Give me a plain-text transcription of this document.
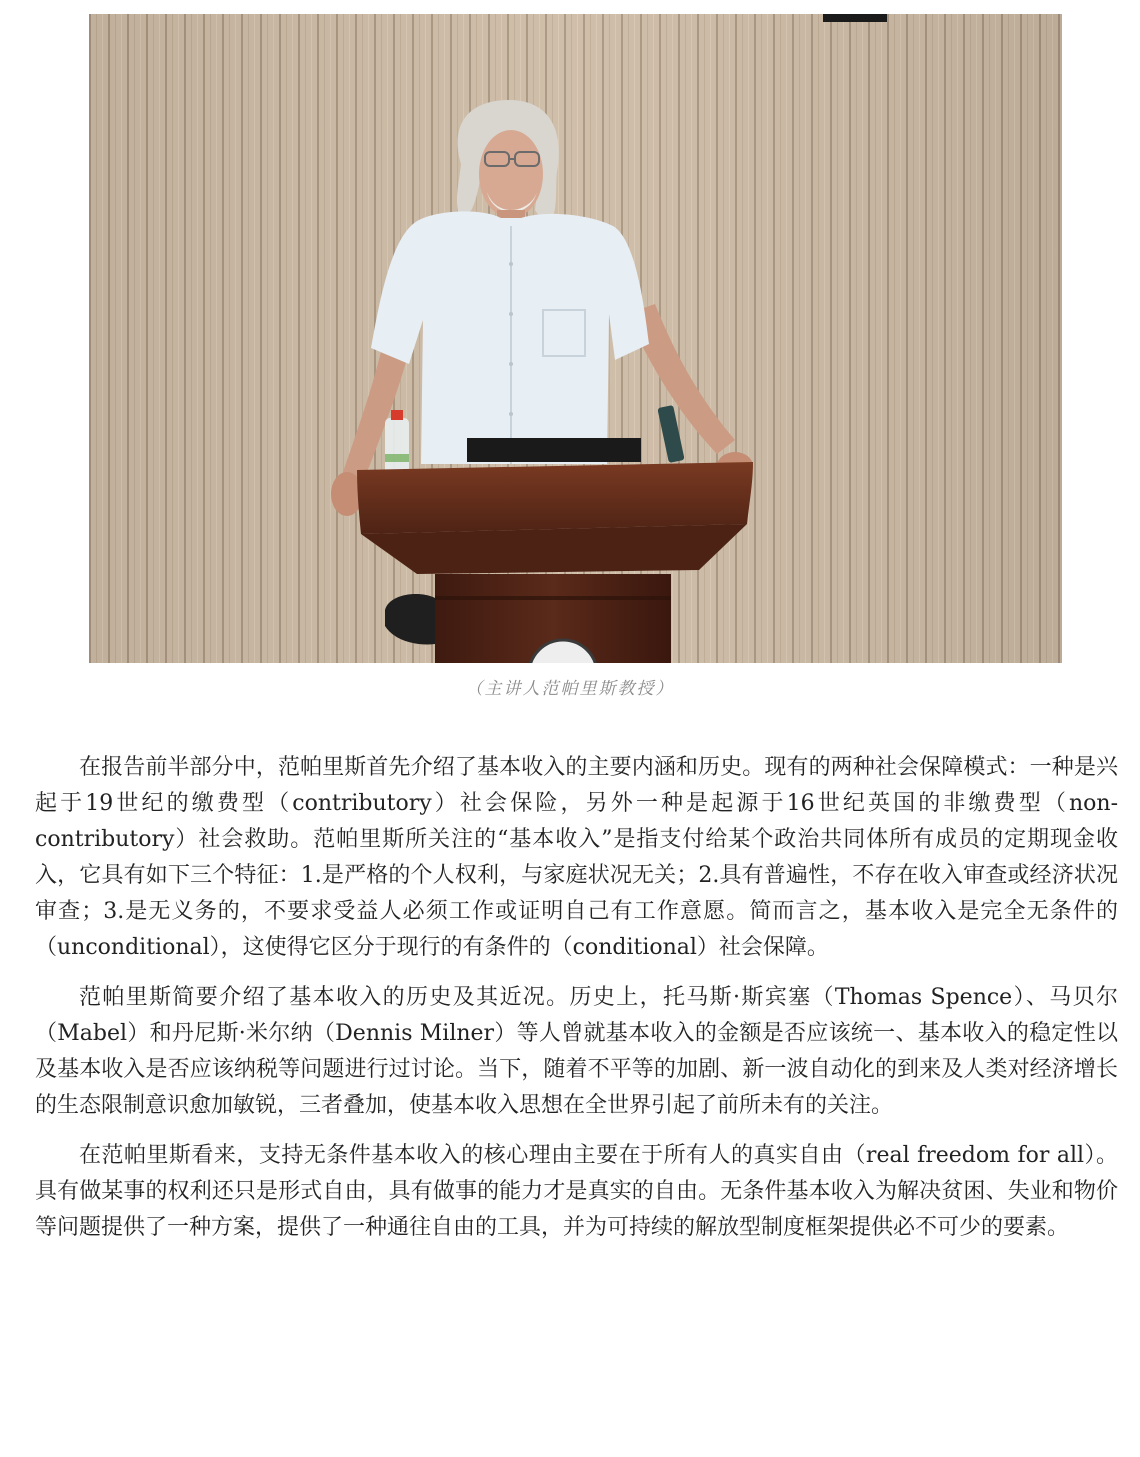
（主讲人范帕里斯教授）

在报告前半部分中，范帕里斯首先介绍了基本收入的主要内涵和历史。现有的两种社会保障模式：一种是兴起于19世纪的缴费型（contributory）社会保险，另外一种是起源于16世纪英国的非缴费型（non-contributory）社会救助。范帕里斯所关注的“基本收入”是指支付给某个政治共同体所有成员的定期现金收入，它具有如下三个特征：1.是严格的个人权利，与家庭状况无关；2.具有普遍性，不存在收入审查或经济状况审查；3.是无义务的，不要求受益人必须工作或证明自己有工作意愿。简而言之，基本收入是完全无条件的（unconditional），这使得它区分于现行的有条件的（conditional）社会保障。

范帕里斯简要介绍了基本收入的历史及其近况。历史上，托马斯·斯宾塞（Thomas Spence）、马贝尔（Mabel）和丹尼斯·米尔纳（Dennis Milner）等人曾就基本收入的金额是否应该统一、基本收入的稳定性以及基本收入是否应该纳税等问题进行过讨论。当下，随着不平等的加剧、新一波自动化的到来及人类对经济增长的生态限制意识愈加敏锐，三者叠加，使基本收入思想在全世界引起了前所未有的关注。

在范帕里斯看来，支持无条件基本收入的核心理由主要在于所有人的真实自由（real freedom for all）。具有做某事的权利还只是形式自由，具有做事的能力才是真实的自由。无条件基本收入为解决贫困、失业和物价等问题提供了一种方案，提供了一种通往自由的工具，并为可持续的解放型制度框架提供必不可少的要素。
